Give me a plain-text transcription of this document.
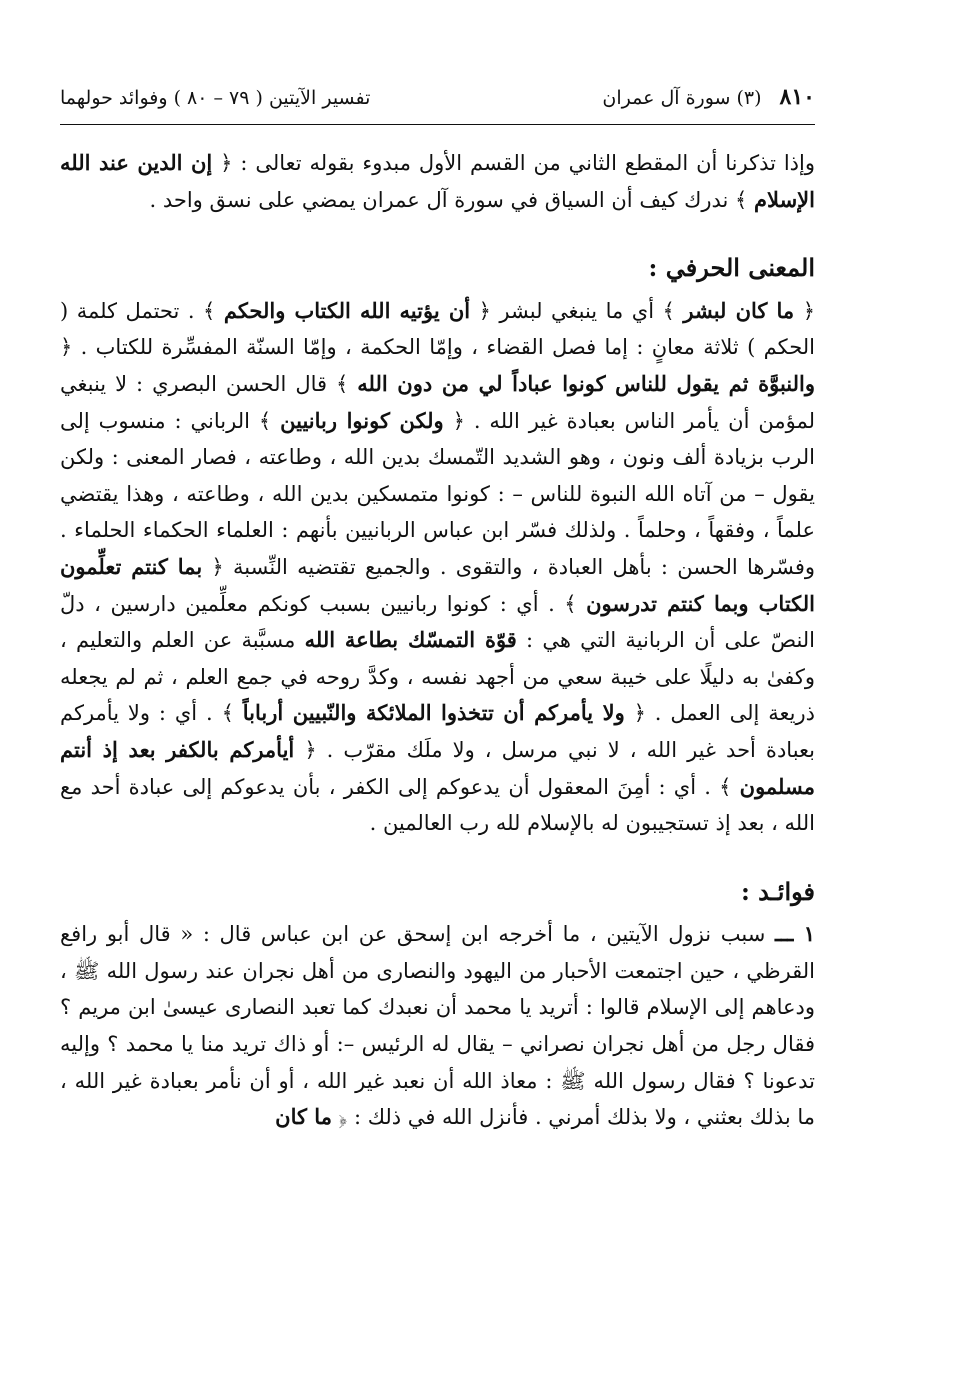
٨١٠
(٣) سورة آل عمران
تفسير الآيتين ( ٧٩ – ٨٠ ) وفوائد حولهما

وإذا تذكرنا أن المقطع الثاني من القسم الأول مبدوء بقوله تعالى : ﴿ إن الدين عند الله الإسلام ﴾ ندرك كيف أن السياق في سورة آل عمران يمضي على نسق واحد .

المعنى الحرفي :

﴿ ما كان لبشر ﴾ أي ما ينبغي لبشر ﴿ أن يؤتيه الله الكتاب والحكم ﴾ . تحتمل كلمة ( الحكم ) ثلاثة معانٍ : إما فصل القضاء ، وإمّا الحكمة ، وإمّا السنّة المفسِّرة للكتاب . ﴿ والنبوَّة ثم يقول للناس كونوا عباداً لي من دون الله ﴾ قال الحسن البصري : لا ينبغي لمؤمن أن يأمر الناس بعبادة غير الله . ﴿ ولكن كونوا ربانيين ﴾ الرباني : منسوب إلى الرب بزيادة ألف ونون ، وهو الشديد التّمسك بدين الله ، وطاعته ، فصار المعنى : ولكن يقول – من آتاه الله النبوة للناس – : كونوا متمسكين بدين الله ، وطاعته ، وهذا يقتضي علماً ، وفقهاً ، وحلماً . ولذلك فسّر ابن عباس الربانيين بأنهم : العلماء الحكماء الحلماء . وفسّرها الحسن : بأهل العبادة ، والتقوى . والجميع تقتضيه النِّسبة ﴿ بما كنتم تعلِّمون الكتاب وبما كنتم تدرسون ﴾ . أي : كونوا ربانيين بسبب كونكم معلِّمين دارسين ، دلّ النصّ على أن الربانية التي هي : قوّة التمسّك بطاعة الله مسبَّبة عن العلم والتعليم ، وكفىٰ به دليلًا على خيبة سعي من أجهد نفسه ، وكدَّ روحه في جمع العلم ، ثم لم يجعله ذريعة إلى العمل . ﴿ ولا يأمركم أن تتخذوا الملائكة والنّبيين أرباباً ﴾ . أي : ولا يأمركم بعبادة أحد غير الله ، لا نبي مرسل ، ولا ملَك مقرّب . ﴿ أيأمركم بالكفر بعد إذ أنتم مسلمون ﴾ . أي : أمِنَ المعقول أن يدعوكم إلى الكفر ، بأن يدعوكم إلى عبادة أحد مع الله ، بعد إذ تستجيبون له بالإسلام لله رب العالمين .

فوائـد :

١ ـــ سبب نزول الآيتين ، ما أخرجه ابن إسحق عن ابن عباس قال : « قال أبو رافع القرظي ، حين اجتمعت الأحبار من اليهود والنصارى من أهل نجران عند رسول الله ﷺ ، ودعاهم إلى الإسلام قالوا : أتريد يا محمد أن نعبدك كما تعبد النصارى عيسىٰ ابن مريم ؟ فقال رجل من أهل نجران نصراني – يقال له الرئيس –: أو ذاك تريد منا يا محمد ؟ وإليه تدعونا ؟ فقال رسول الله ﷺ : معاذ الله أن نعبد غير الله ، أو أن نأمر بعبادة غير الله ، ما بذلك بعثني ، ولا بذلك أمرني . فأنزل الله في ذلك : ﴿ ما كان
